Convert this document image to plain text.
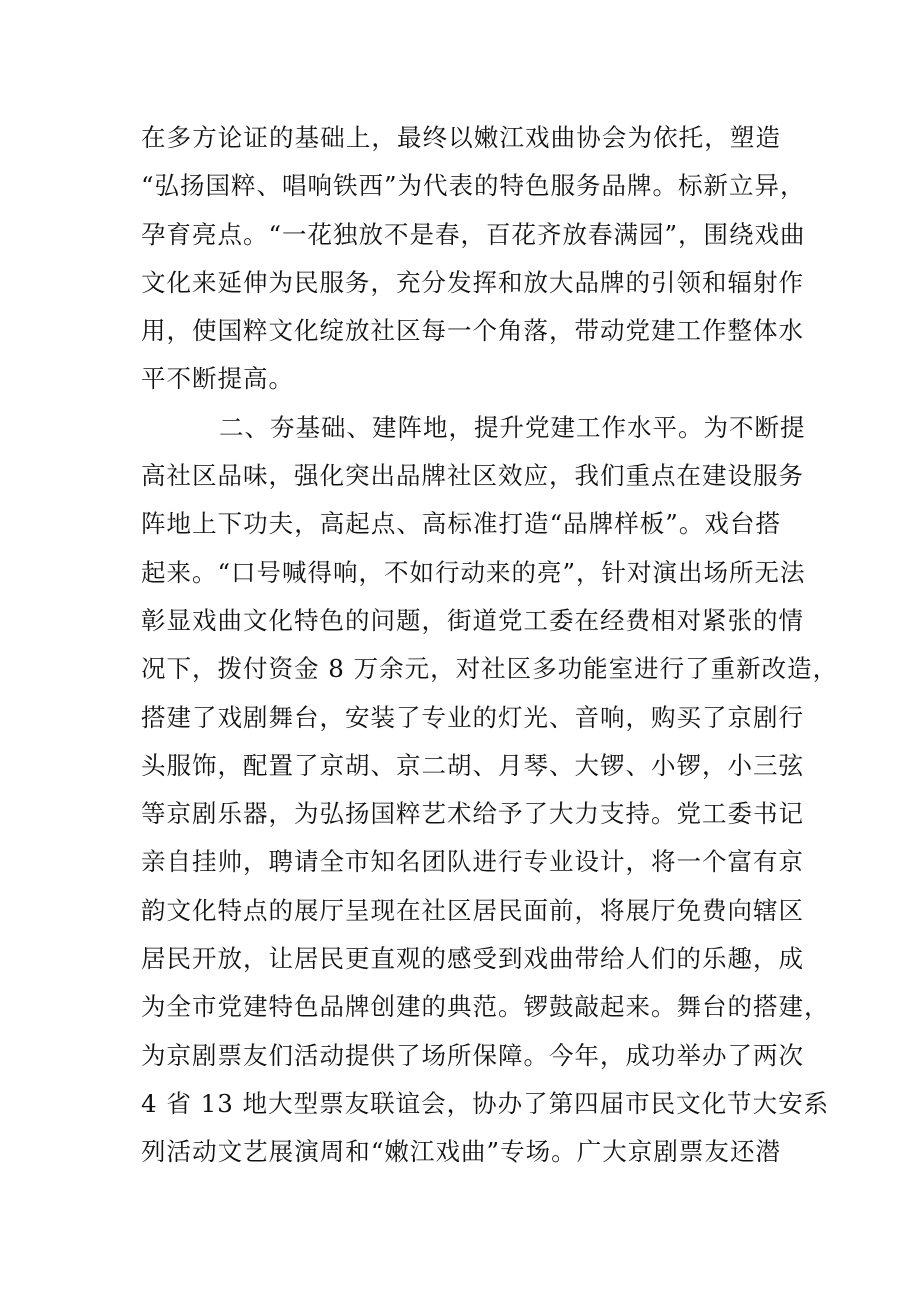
在多方论证的基础上，最终以嫩江戏曲协会为依托，塑造
“弘扬国粹、唱响铁西”为代表的特色服务品牌。标新立异，
孕育亮点。“一花独放不是春，百花齐放春满园”，围绕戏曲
文化来延伸为民服务，充分发挥和放大品牌的引领和辐射作
用，使国粹文化绽放社区每一个角落，带动党建工作整体水
平不断提高。
二、夯基础、建阵地，提升党建工作水平。为不断提
高社区品味，强化突出品牌社区效应，我们重点在建设服务
阵地上下功夫，高起点、高标准打造“品牌样板”。戏台搭
起来。“口号喊得响，不如行动来的亮”，针对演出场所无法
彰显戏曲文化特色的问题，街道党工委在经费相对紧张的情
况下，拨付资金 8 万余元，对社区多功能室进行了重新改造，
搭建了戏剧舞台，安装了专业的灯光、音响，购买了京剧行
头服饰，配置了京胡、京二胡、月琴、大锣、小锣，小三弦
等京剧乐器，为弘扬国粹艺术给予了大力支持。党工委书记
亲自挂帅，聘请全市知名团队进行专业设计，将一个富有京
韵文化特点的展厅呈现在社区居民面前，将展厅免费向辖区
居民开放，让居民更直观的感受到戏曲带给人们的乐趣，成
为全市党建特色品牌创建的典范。锣鼓敲起来。舞台的搭建，
为京剧票友们活动提供了场所保障。今年，成功举办了两次
4 省 13 地大型票友联谊会，协办了第四届市民文化节大安系
列活动文艺展演周和“嫩江戏曲”专场。广大京剧票友还潜
